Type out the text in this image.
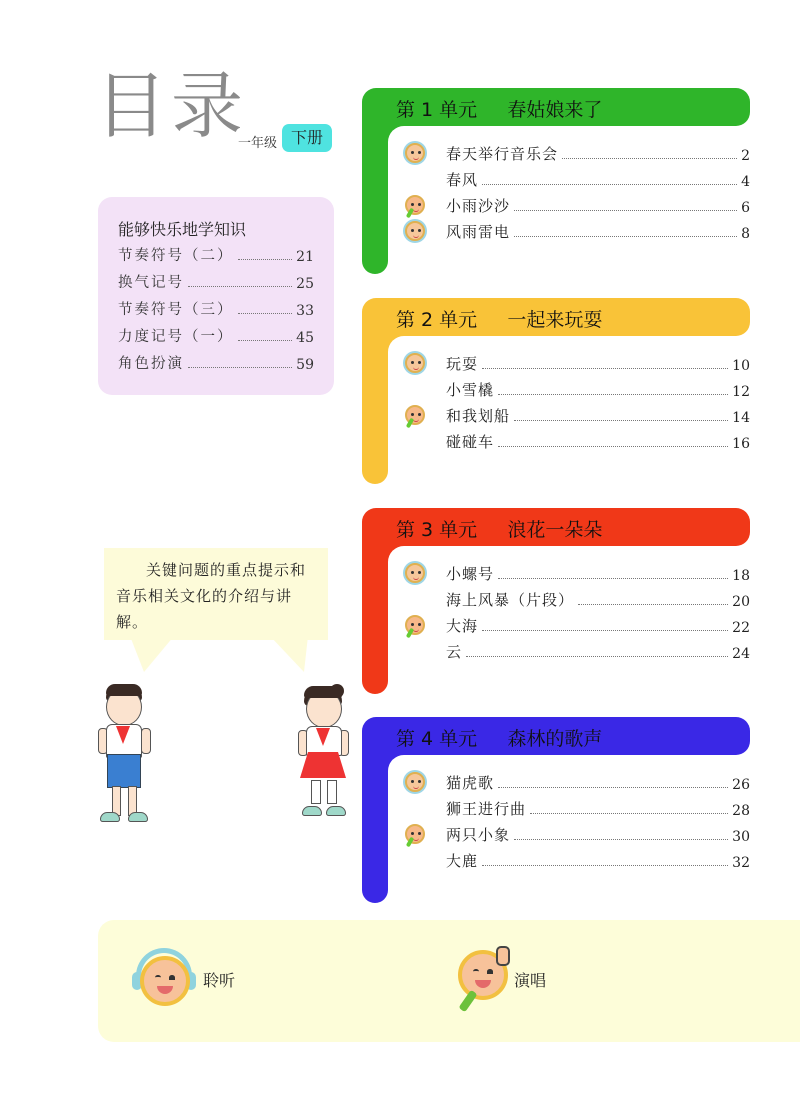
目录
一年级 下册
能够快乐地学知识
节奏符号（二）	21
换气记号	25
节奏符号（三）	33
力度记号（一）	45
角色扮演	59
关键问题的重点提示和音乐相关文化的介绍与讲解。
第 1 单元     春姑娘来了
春天举行音乐会	2
春风	4
小雨沙沙	6
风雨雷电	8
第 2 单元     一起来玩耍
玩耍	10
小雪橇	12
和我划船	14
碰碰车	16
第 3 单元     浪花一朵朵
小螺号	18
海上风暴（片段）	20
大海	22
云	24
第 4 单元     森林的歌声
猫虎歌	26
狮王进行曲	28
两只小象	30
大鹿	32
聆听	演唱
